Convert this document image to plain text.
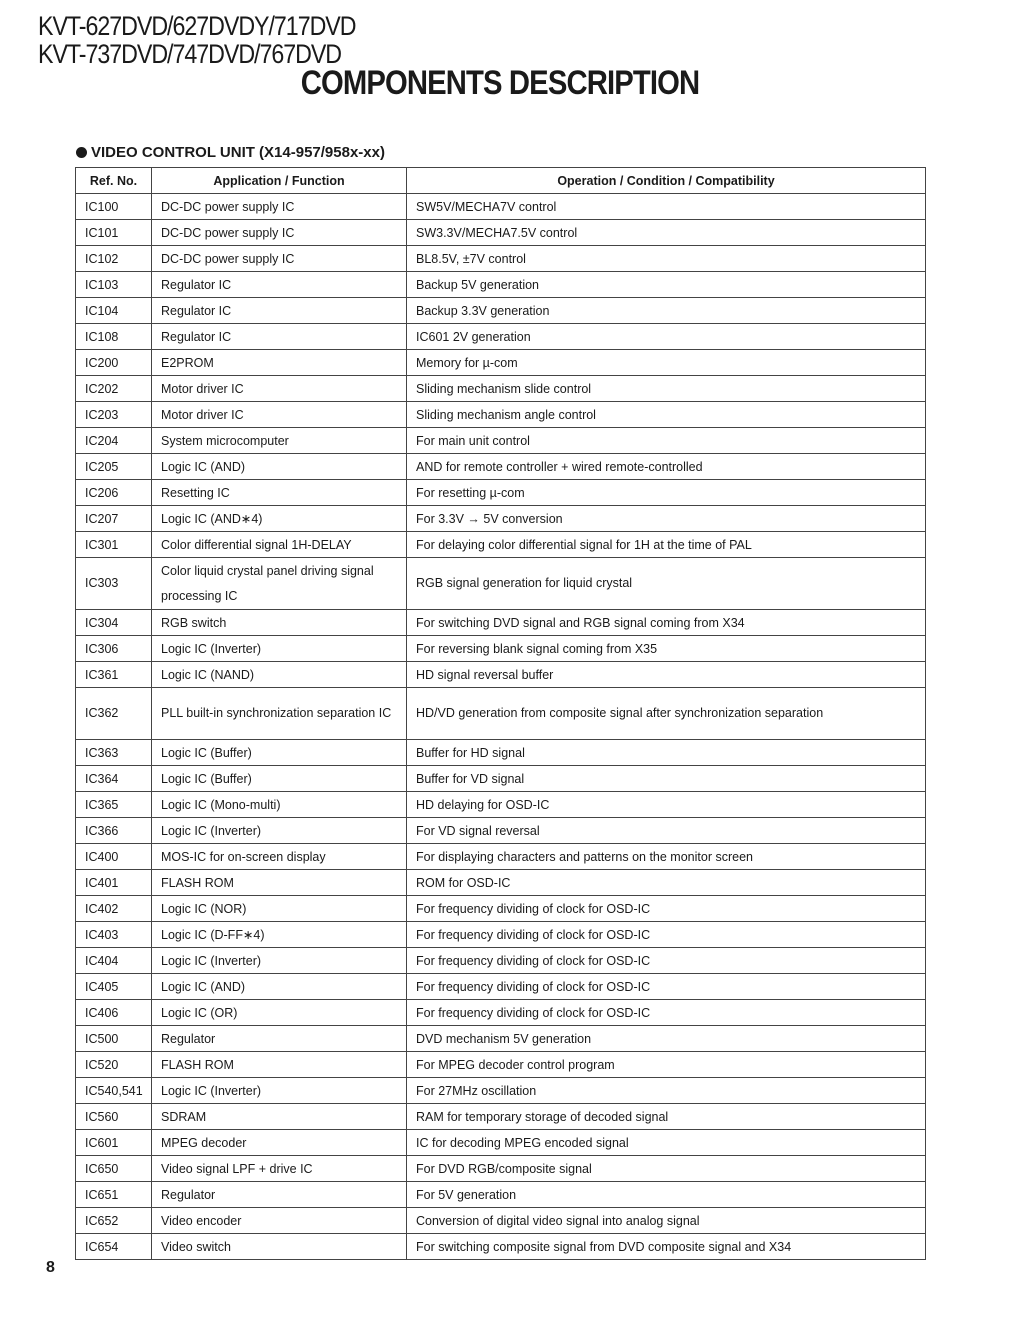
KVT-627DVD/627DVDY/717DVD
KVT-737DVD/747DVD/767DVD
COMPONENTS DESCRIPTION
VIDEO CONTROL UNIT (X14-957/958x-xx)
Ref. No.	Application / Function	Operation / Condition / Compatibility
IC100	DC-DC power supply IC	SW5V/MECHA7V control
IC101	DC-DC power supply IC	SW3.3V/MECHA7.5V control
IC102	DC-DC power supply IC	BL8.5V, ±7V control
IC103	Regulator IC	Backup 5V generation
IC104	Regulator IC	Backup 3.3V generation
IC108	Regulator IC	IC601 2V generation
IC200	E2PROM	Memory for µ-com
IC202	Motor driver IC	Sliding mechanism slide control
IC203	Motor driver IC	Sliding mechanism angle control
IC204	System microcomputer	For main unit control
IC205	Logic IC (AND)	AND for remote controller + wired remote-controlled
IC206	Resetting IC	For resetting µ-com
IC207	Logic IC (AND∗4)	For 3.3V → 5V conversion
IC301	Color differential signal 1H-DELAY	For delaying color differential signal for 1H at the time of PAL
IC303	Color liquid crystal panel driving signal processing IC	RGB signal generation for liquid crystal
IC304	RGB switch	For switching DVD signal and RGB signal coming from X34
IC306	Logic IC (Inverter)	For reversing blank signal coming from X35
IC361	Logic IC (NAND)	HD signal reversal buffer
IC362	PLL built-in synchronization separation IC	HD/VD generation from composite signal after synchronization separation
IC363	Logic IC (Buffer)	Buffer for HD signal
IC364	Logic IC (Buffer)	Buffer for VD signal
IC365	Logic IC (Mono-multi)	HD delaying for OSD-IC
IC366	Logic IC (Inverter)	For VD signal reversal
IC400	MOS-IC for on-screen display	For displaying characters and patterns on the monitor screen
IC401	FLASH ROM	ROM for OSD-IC
IC402	Logic IC (NOR)	For frequency dividing of clock for OSD-IC
IC403	Logic IC (D-FF∗4)	For frequency dividing of clock for OSD-IC
IC404	Logic IC (Inverter)	For frequency dividing of clock for OSD-IC
IC405	Logic IC (AND)	For frequency dividing of clock for OSD-IC
IC406	Logic IC (OR)	For frequency dividing of clock for OSD-IC
IC500	Regulator	DVD mechanism 5V generation
IC520	FLASH ROM	For MPEG decoder control program
IC540,541	Logic IC (Inverter)	For 27MHz oscillation
IC560	SDRAM	RAM for temporary storage of decoded signal
IC601	MPEG decoder	IC for decoding MPEG encoded signal
IC650	Video signal LPF + drive IC	For DVD RGB/composite signal
IC651	Regulator	For 5V generation
IC652	Video encoder	Conversion of digital video signal into analog signal
IC654	Video switch	For switching composite signal from DVD composite signal and X34
8
